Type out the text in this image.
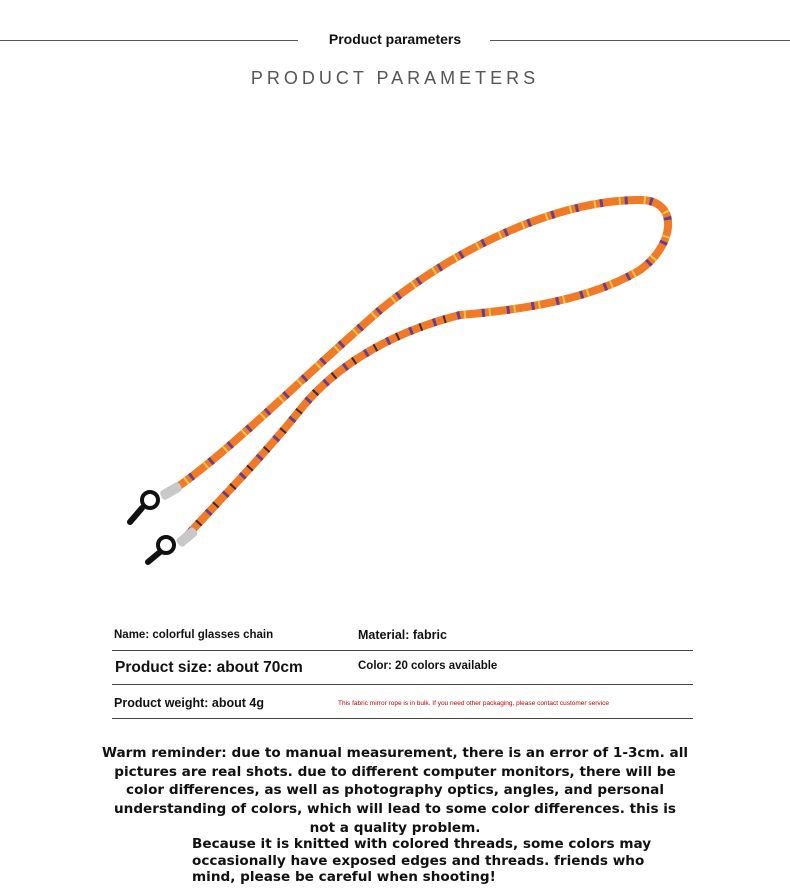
Product parameters
PRODUCT PARAMETERS
Name: colorful glasses chain	Material: fabric
Product size: about 70cm	Color: 20 colors available
Product weight: about 4g	This fabric mirror rope is in bulk. If you need other packaging, please contact customer service

Warm reminder: due to manual measurement, there is an error of 1-3cm. all pictures are real shots. due to different computer monitors, there will be color differences, as well as photography optics, angles, and personal understanding of colors, which will lead to some color differences. this is not a quality problem.

Because it is knitted with colored threads, some colors may occasionally have exposed edges and threads. friends who mind, please be careful when shooting!
